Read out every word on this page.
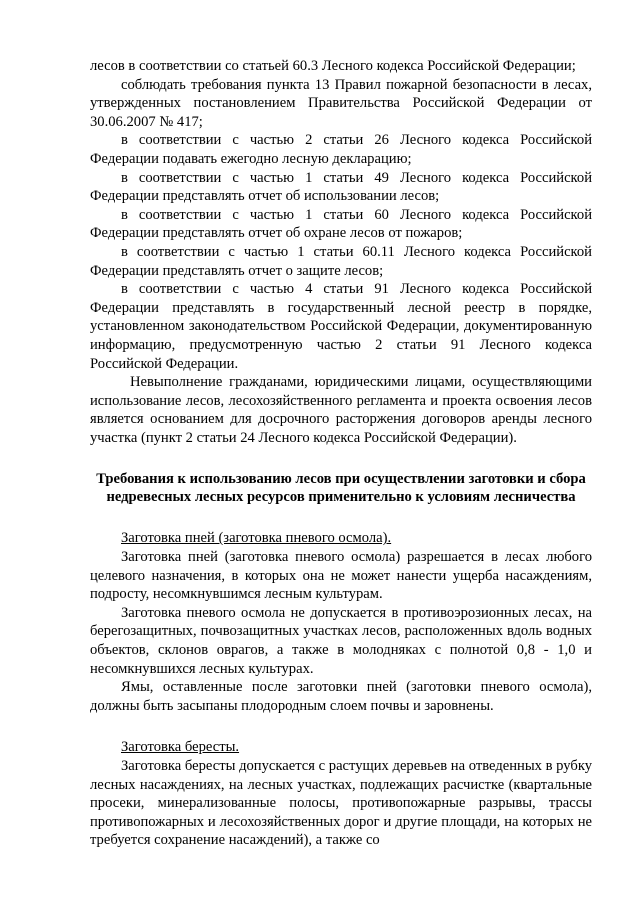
лесов в соответствии со статьей 60.3 Лесного кодекса Российской Федерации;

соблюдать требования пункта 13 Правил пожарной безопасности в лесах, утвержденных постановлением Правительства Российской Федерации от 30.06.2007 № 417;

в соответствии с частью 2 статьи 26 Лесного кодекса Российской Федерации подавать ежегодно лесную декларацию;

в соответствии с частью 1 статьи 49 Лесного кодекса Российской Федерации представлять отчет об использовании лесов;

в соответствии с частью 1 статьи 60 Лесного кодекса Российской Федерации представлять отчет об охране лесов от пожаров;

в соответствии с частью 1 статьи 60.11 Лесного кодекса Российской Федерации представлять отчет о защите лесов;

в соответствии с частью 4 статьи 91 Лесного кодекса Российской Федерации представлять в государственный лесной реестр в порядке, установленном законодательством Российской Федерации, документированную информацию, предусмотренную частью 2 статьи 91 Лесного кодекса Российской Федерации.

Невыполнение гражданами, юридическими лицами, осуществляющими использование лесов, лесохозяйственного регламента и проекта освоения лесов является основанием для досрочного расторжения договоров аренды лесного участка (пункт 2 статьи 24 Лесного кодекса Российской Федерации).

Требования к использованию лесов при осуществлении заготовки и сбора недревесных лесных ресурсов применительно к условиям лесничества

Заготовка пней (заготовка пневого осмола).

Заготовка пней (заготовка пневого осмола) разрешается в лесах любого целевого назначения, в которых она не может нанести ущерба насаждениям, подросту, несомкнувшимся лесным культурам.

Заготовка пневого осмола не допускается в противоэрозионных лесах, на берегозащитных, почвозащитных участках лесов, расположенных вдоль водных объектов, склонов оврагов, а также в молодняках с полнотой 0,8 - 1,0 и несомкнувшихся лесных культурах.

Ямы, оставленные после заготовки пней (заготовки пневого осмола), должны быть засыпаны плодородным слоем почвы и заровнены.

Заготовка бересты.

Заготовка бересты допускается с растущих деревьев на отведенных в рубку лесных насаждениях, на лесных участках, подлежащих расчистке (квартальные просеки, минерализованные полосы, противопожарные разрывы, трассы противопожарных и лесохозяйственных дорог и другие площади, на которых не требуется сохранение насаждений), а также со
